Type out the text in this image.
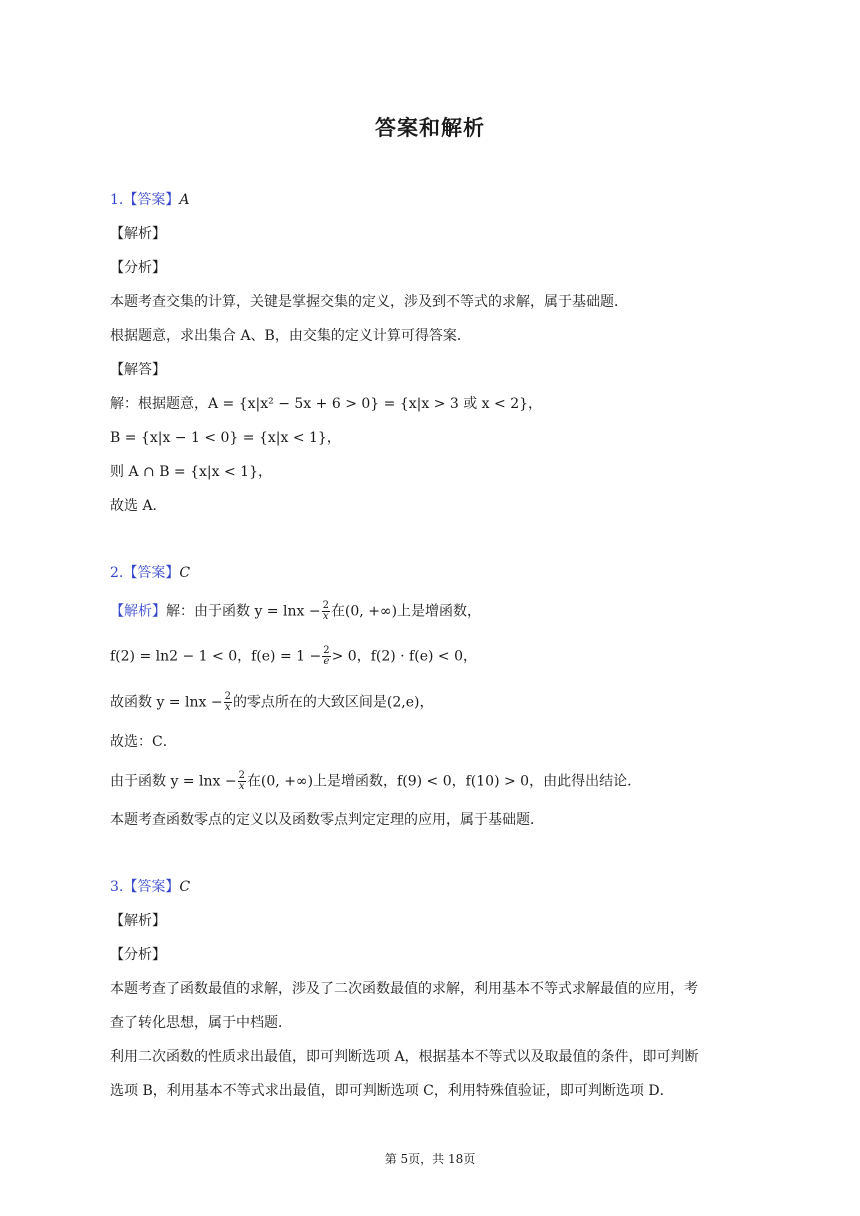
答案和解析
1.【答案】A
【解析】
【分析】
本题考查交集的计算，关键是掌握交集的定义，涉及到不等式的求解，属于基础题．
根据题意，求出集合 A、B，由交集的定义计算可得答案．
【解答】
解：根据题意，A = {x|x² − 5x + 6 > 0} = {x|x > 3 或 x < 2}，
B = {x|x − 1 < 0} = {x|x < 1}，
则 A ∩ B = {x|x < 1}，
故选 A．
2.【答案】C
【解析】解：由于函数 $y = \ln x - \frac{2}{x}$ 在(0, +∞)上是增函数，
f(2) = ln2 − 1 < 0，$f(e) = 1 - \frac{2}{e} > 0$，f(2) · f(e) < 0，
故函数 $y = \ln x - \frac{2}{x}$ 的零点所在的大致区间是(2,e)，
故选：C．
由于函数 $y = \ln x - \frac{2}{x}$ 在(0, +∞)上是增函数，f(9) < 0，f(10) > 0，由此得出结论．
本题考查函数零点的定义以及函数零点判定定理的应用，属于基础题．
3.【答案】C
【解析】
【分析】
本题考查了函数最值的求解，涉及了二次函数最值的求解，利用基本不等式求解最值的应用，考
查了转化思想，属于中档题．
利用二次函数的性质求出最值，即可判断选项 A，根据基本不等式以及取最值的条件，即可判断
选项 B，利用基本不等式求出最值，即可判断选项 C，利用特殊值验证，即可判断选项 D．
第 5页，共 18页
